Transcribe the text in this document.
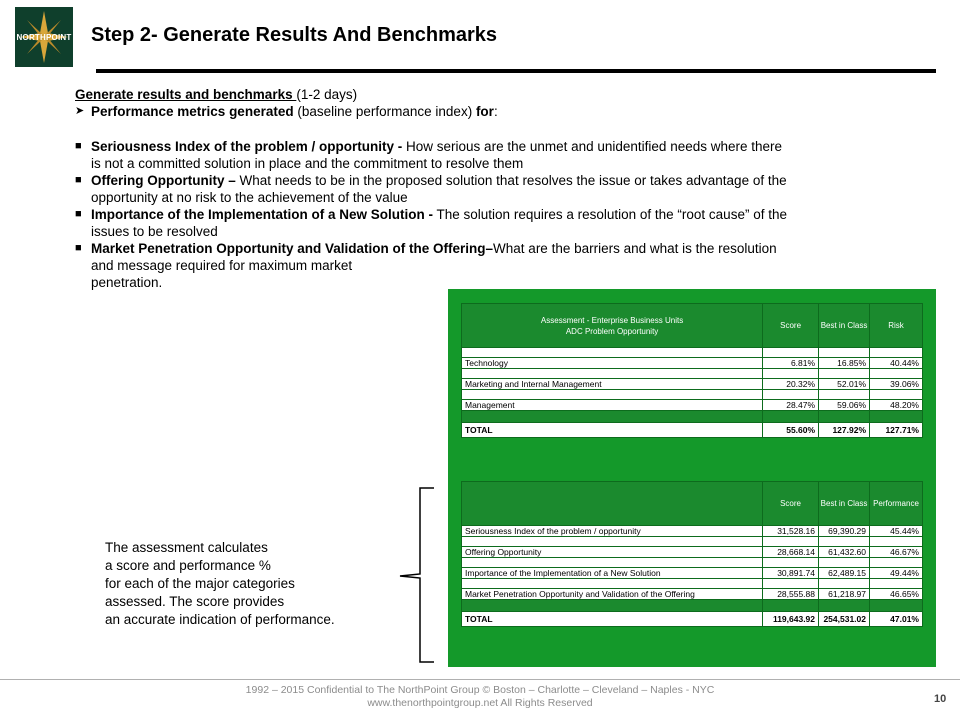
NORTHPOINT Step 2- Generate Results And Benchmarks
Generate results and benchmarks (1-2 days)
➤ Performance metrics generated (baseline performance index) for:
■ Seriousness Index of the problem / opportunity - How serious are the unmet and unidentified needs where there
is not a committed solution in place and the commitment to resolve them
■ Offering Opportunity – What needs to be in the proposed solution that resolves the issue or takes advantage of the
opportunity at no risk to the achievement of the value
■ Importance of the Implementation of a New Solution - The solution requires a resolution of the “root cause” of the
issues to be resolved
■ Market Penetration Opportunity and Validation of the Offering–What are the barriers and what is the resolution
and message required for maximum market
penetration.
The assessment calculates
a score and performance %
for each of the major categories
assessed. The score provides
an accurate indication of performance.
Assessment - Enterprise Business Units
ADC Problem Opportunity	Score	Best in Class	Risk

Technology	6.81%	16.85%	40.44%

Marketing and Internal Management	20.32%	52.01%	39.06%

Management	28.47%	59.06%	48.20%

TOTAL	55.60%	127.92%	127.71%
	Score	Best in Class	Performance
Seriousness Index of the problem / opportunity	31,528.16	69,390.29	45.44%

Offering Opportunity	28,668.14	61,432.60	46.67%

Importance of the Implementation of a New Solution	30,891.74	62,489.15	49.44%

Market Penetration Opportunity and Validation of the Offering	28,555.88	61,218.97	46.65%

TOTAL	119,643.92	254,531.02	47.01%
1992 – 2015 Confidential to The NorthPoint Group © Boston – Charlotte – Cleveland – Naples - NYC
www.thenorthpointgroup.net All Rights Reserved	10
